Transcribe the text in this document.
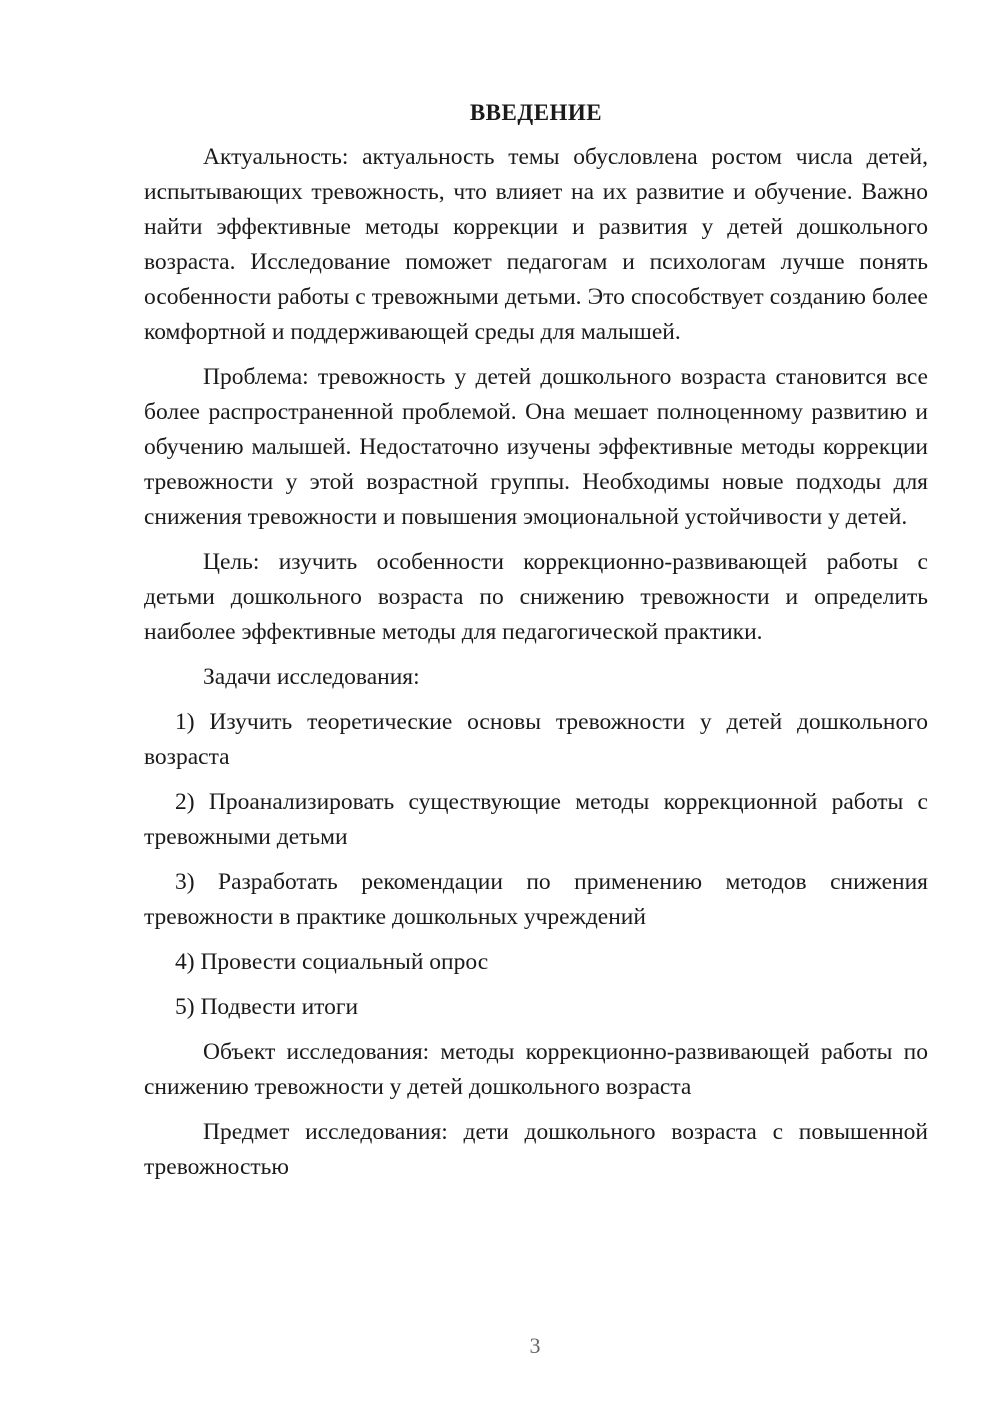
ВВЕДЕНИЕ

Актуальность: актуальность темы обусловлена ростом числа детей, испытывающих тревожность, что влияет на их развитие и обучение. Важно найти эффективные методы коррекции и развития у детей дошкольного возраста. Исследование поможет педагогам и психологам лучше понять особенности работы с тревожными детьми. Это способствует созданию более комфортной и поддерживающей среды для малышей.

Проблема: тревожность у детей дошкольного возраста становится все более распространенной проблемой. Она мешает полноценному развитию и обучению малышей. Недостаточно изучены эффективные методы коррекции тревожности у этой возрастной группы. Необходимы новые подходы для снижения тревожности и повышения эмоциональной устойчивости у детей.

Цель: изучить особенности коррекционно-развивающей работы с детьми дошкольного возраста по снижению тревожности и определить наиболее эффективные методы для педагогической практики.

Задачи исследования:

1) Изучить теоретические основы тревожности у детей дошкольного возраста

2) Проанализировать существующие методы коррекционной работы с тревожными детьми

3) Разработать рекомендации по применению методов снижения тревожности в практике дошкольных учреждений

4) Провести социальный опрос

5) Подвести итоги

Объект исследования: методы коррекционно-развивающей работы по снижению тревожности у детей дошкольного возраста

Предмет исследования: дети дошкольного возраста с повышенной тревожностью

3
